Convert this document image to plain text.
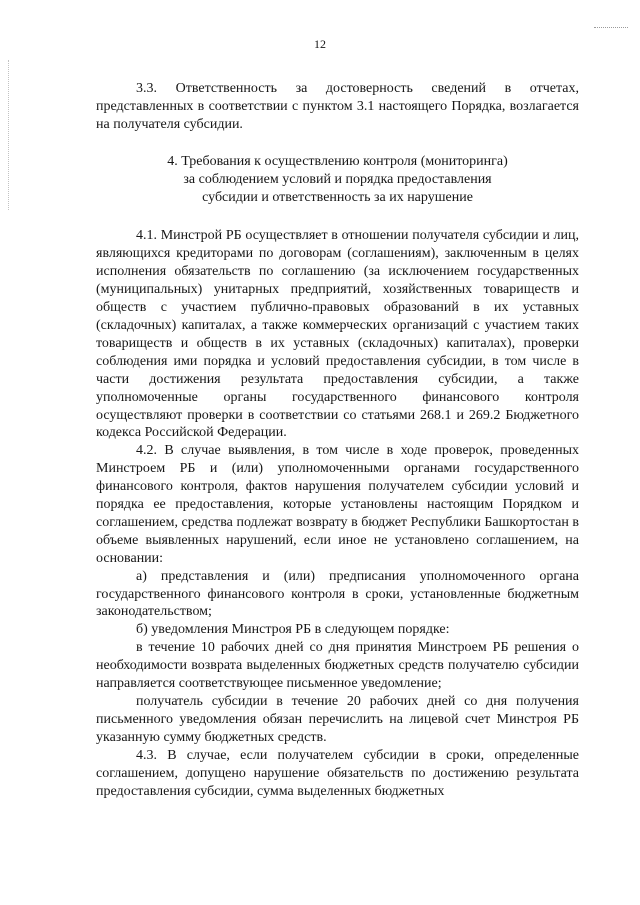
12

3.3. Ответственность за достоверность сведений в отчетах, представленных в соответствии с пунктом 3.1 настоящего Порядка, возлагается на получателя субсидии.

4. Требования к осуществлению контроля (мониторинга)
за соблюдением условий и порядка предоставления
субсидии и ответственность за их нарушение

4.1. Минстрой РБ осуществляет в отношении получателя субсидии и лиц, являющихся кредиторами по договорам (соглашениям), заключенным в целях исполнения обязательств по соглашению (за исключением государственных (муниципальных) унитарных предприятий, хозяйственных товариществ и обществ с участием публично-правовых образований в их уставных (складочных) капиталах, а также коммерческих организаций с участием таких товариществ и обществ в их уставных (складочных) капиталах), проверки соблюдения ими порядка и условий предоставления субсидии, в том числе в части достижения результата предоставления субсидии, а также уполномоченные органы государственного финансового контроля осуществляют проверки в соответствии со статьями 268.1 и 269.2 Бюджетного кодекса Российской Федерации.

4.2. В случае выявления, в том числе в ходе проверок, проведенных Минстроем РБ и (или) уполномоченными органами государственного финансового контроля, фактов нарушения получателем субсидии условий и порядка ее предоставления, которые установлены настоящим Порядком и соглашением, средства подлежат возврату в бюджет Республики Башкортостан в объеме выявленных нарушений, если иное не установлено соглашением, на основании:

а) представления и (или) предписания уполномоченного органа государственного финансового контроля в сроки, установленные бюджетным законодательством;

б) уведомления Минстроя РБ в следующем порядке:

в течение 10 рабочих дней со дня принятия Минстроем РБ решения о необходимости возврата выделенных бюджетных средств получателю субсидии направляется соответствующее письменное уведомление;

получатель субсидии в течение 20 рабочих дней со дня получения письменного уведомления обязан перечислить на лицевой счет Минстроя РБ указанную сумму бюджетных средств.

4.3. В случае, если получателем субсидии в сроки, определенные соглашением, допущено нарушение обязательств по достижению результата предоставления субсидии, сумма выделенных бюджетных
